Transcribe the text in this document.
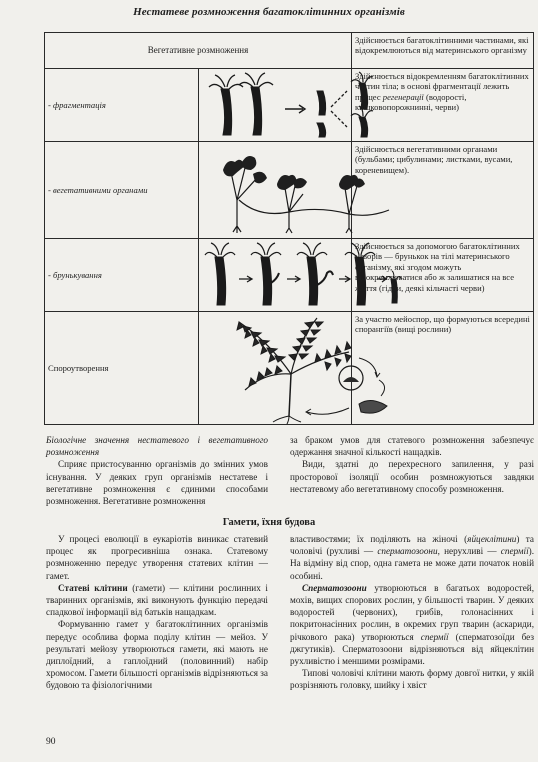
Нестатеве розмноження багатоклітинних організмів
Вегетативне розмноження		Здійснюється багатоклітинними частинами, які відокремлюються від материнського організму
- фрагментація		Здійснюється відокремленням багатоклітинних частин тіла; в основі фрагментації лежить процес регенерації (водорості, кишковопорожнинні, черви)
- вегетативними органами		Здійснюється вегетативними органами (бульбами; цибулинами; листками, вусами, кореневищем).
- брунькування		Здійснюється за допомогою багатоклітинних утворів — брунькок на тілі материнського організму, які згодом можуть відокремлюватися або ж залишатися на все життя (гідри, деякі кільчасті черви)
Спороутворення		За участю мейоспор, що формуються всередині спорангіїв (вищі рослини)

Біологічне значення нестатевого і вегетативного розмноження

Сприяє пристосуванню організмів до змінних умов існування. У деяких груп організмів нестатеве і вегетативне розмноження є єдиними способами розмноження. Вегетативне розмноження

за браком умов для статевого розмноження забезпечує одержання значної кількості нащадків.

Види, здатні до перехресного запилення, у разі просторової ізоляції особин розмножуються завдяки нестатевому або вегетативному способу розмноження.

Гамети, їхня будова

У процесі еволюції в еукаріотів виникає статевий процес як прогресивніша ознака. Статевому розмноженню передує утворення статевих клітин — гамет.

Статеві клітини (гамети) — клітини рослинних і тваринних організмів, які виконують функцію передачі спадкової інформації від батьків нащадкам.

Формуванню гамет у багатоклітинних організмів передує особлива форма поділу клітин — мейоз. У результаті мейозу утворюються гамети, які мають не диплоїдний, а гаплоїдний (половинний) набір хромосом. Гамети більшості організмів відрізняються за будовою та фізіологічними

властивостями; їх поділяють на жіночі (яйцеклітини) та чоловічі (рухливі — сперматозоони, нерухливі — спермії). На відміну від спор, одна гамета не може дати початок новій особині.

Сперматозоони утворюються в багатьох водоростей, мохів, вищих спорових рослин, у більшості тварин. У деяких водоростей (червоних), грибів, голонасінних і покритонасінних рослин, в окремих груп тварин (аскариди, річкового рака) утворюються спермії (сперматозоїди без джгутиків). Сперматозоони відрізняються від яйцеклітин рухливістю і меншими розмірами.

Типові чоловічі клітини мають форму довгої нитки, у якій розрізняють головку, шийку і хвіст

90
